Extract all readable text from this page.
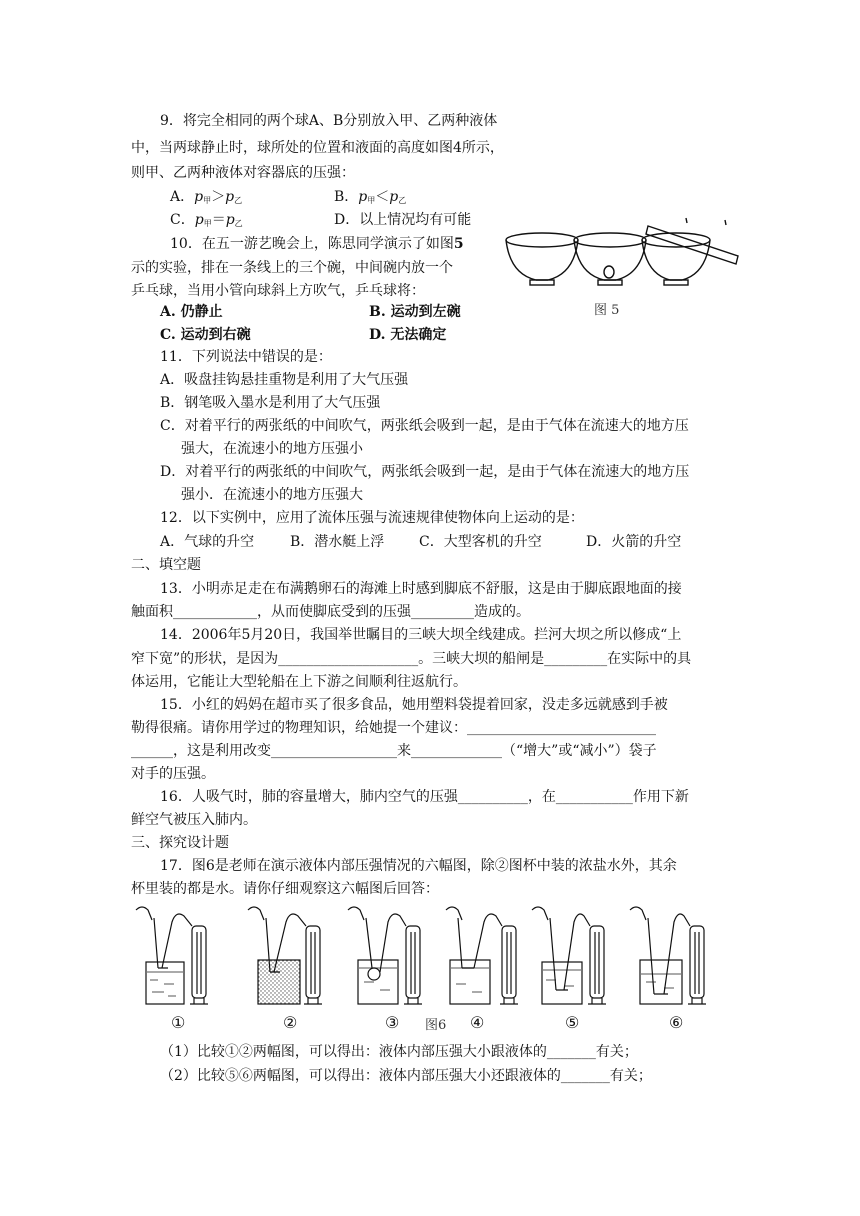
9．将完全相同的两个球A、B分别放入甲、乙两种液体
中，当两球静止时，球所处的位置和液面的高度如图4所示，
则甲、乙两种液体对容器底的压强：
A．$p_甲>p_乙$	B．$p_甲<p_乙$
C．$p_甲=p_乙$	D．以上情况均有可能
10．在五一游艺晚会上，陈思同学演示了如图5
示的实验，排在一条线上的三个碗，中间碗内放一个
乒乓球，当用小管向球斜上方吹气，乒乓球将：
A. 仍静止	B. 运动到左碗
C. 运动到右碗	D. 无法确定
图 5
11．下列说法中错误的是：
A．吸盘挂钩悬挂重物是利用了大气压强
B．钢笔吸入墨水是利用了大气压强
C．对着平行的两张纸的中间吹气，两张纸会吸到一起，是由于气体在流速大的地方压
强大，在流速小的地方压强小
D．对着平行的两张纸的中间吹气，两张纸会吸到一起，是由于气体在流速大的地方压
强小．在流速小的地方压强大
12．以下实例中，应用了流体压强与流速规律使物体向上运动的是：
A．气球的升空	B．潜水艇上浮 C．大型客机的升空	D．火箭的升空
二、填空题
13．小明赤足走在布满鹅卵石的海滩上时感到脚底不舒服，这是由于脚底跟地面的接
触面积____________，从而使脚底受到的压强_________造成的。
14．2006年5月20日，我国举世瞩目的三峡大坝全线建成。拦河大坝之所以修成“上
窄下宽”的形状，是因为____________________。三峡大坝的船闸是_________在实际中的具
体运用，它能让大型轮船在上下游之间顺利往返航行。
15．小红的妈妈在超市买了很多食品，她用塑料袋提着回家，没走多远就感到手被
勒得很痛。请你用学过的物理知识，给她提一个建议：___________________________
______，这是利用改变__________________来_____________（“增大”或“减小”）袋子
对手的压强。
16．人吸气时，肺的容量增大，肺内空气的压强__________，在___________作用下新
鲜空气被压入肺内。
三、探究设计题
17．图6是老师在演示液体内部压强情况的六幅图，除②图杯中装的浓盐水外，其余
杯里装的都是水。请你仔细观察这六幅图后回答：
①	②	③ 图6 ④	⑤	⑥
（1）比较①②两幅图，可以得出：液体内部压强大小跟液体的_______有关；
（2）比较⑤⑥两幅图，可以得出：液体内部压强大小还跟液体的_______有关；
